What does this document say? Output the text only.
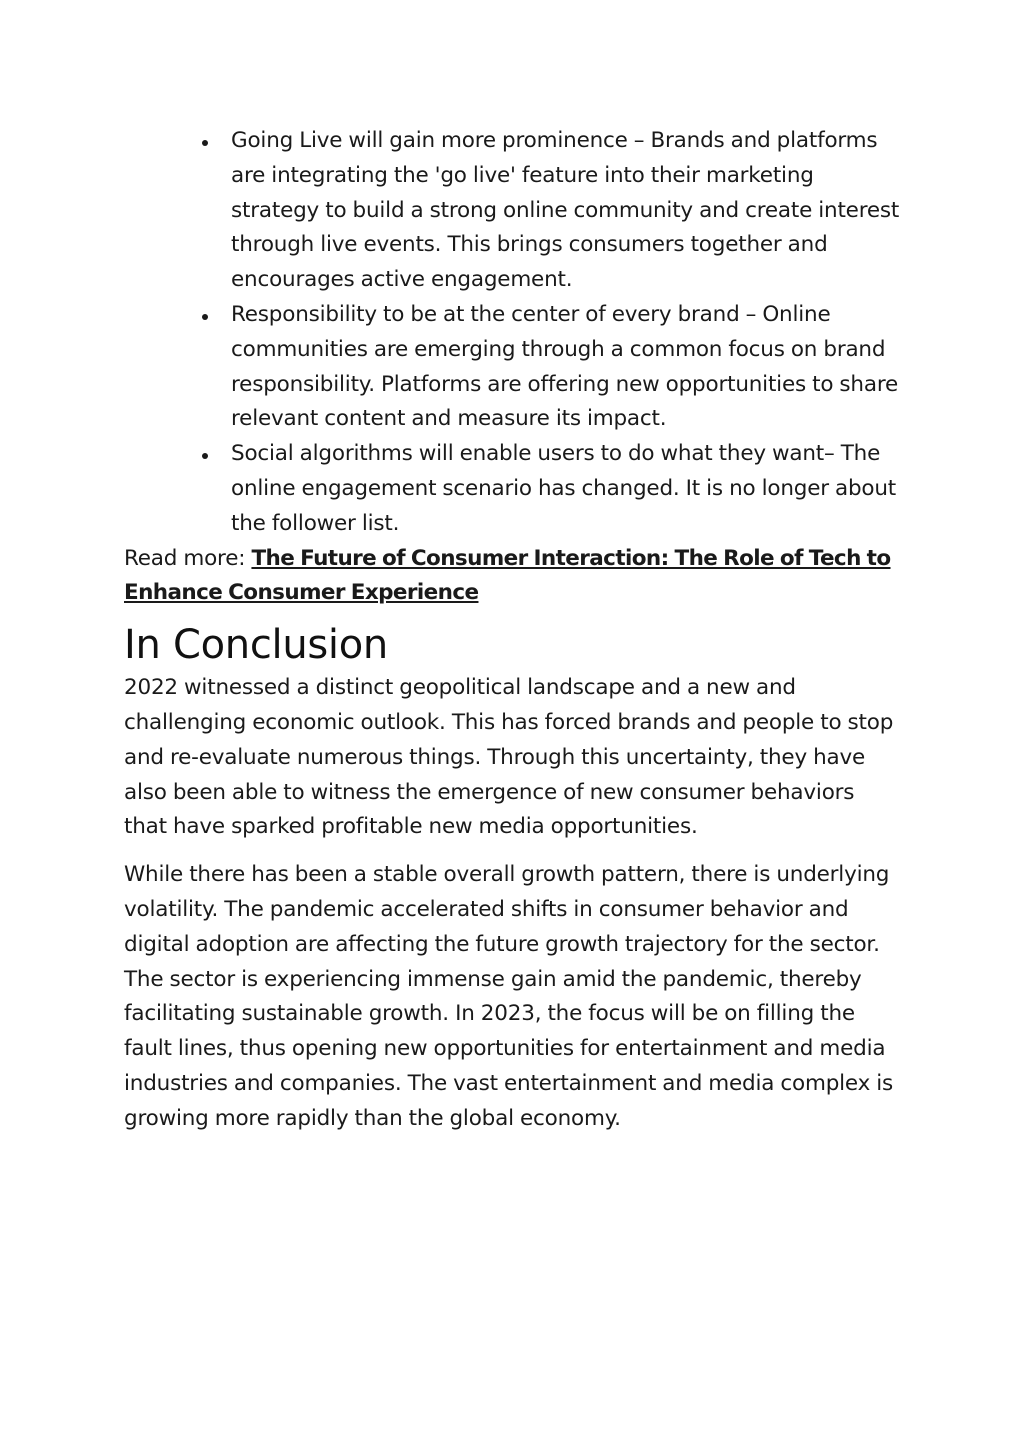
Going Live will gain more prominence – Brands and platforms are integrating the 'go live' feature into their marketing strategy to build a strong online community and create interest through live events. This brings consumers together and encourages active engagement.
Responsibility to be at the center of every brand – Online communities are emerging through a common focus on brand responsibility. Platforms are offering new opportunities to share relevant content and measure its impact.
Social algorithms will enable users to do what they want– The online engagement scenario has changed. It is no longer about the follower list.

Read more: The Future of Consumer Interaction: The Role of Tech to Enhance Consumer Experience

In Conclusion

2022 witnessed a distinct geopolitical landscape and a new and challenging economic outlook. This has forced brands and people to stop and re-evaluate numerous things. Through this uncertainty, they have also been able to witness the emergence of new consumer behaviors that have sparked profitable new media opportunities.

While there has been a stable overall growth pattern, there is underlying volatility. The pandemic accelerated shifts in consumer behavior and digital adoption are affecting the future growth trajectory for the sector. The sector is experiencing immense gain amid the pandemic, thereby facilitating sustainable growth. In 2023, the focus will be on filling the fault lines, thus opening new opportunities for entertainment and media industries and companies. The vast entertainment and media complex is growing more rapidly than the global economy.
